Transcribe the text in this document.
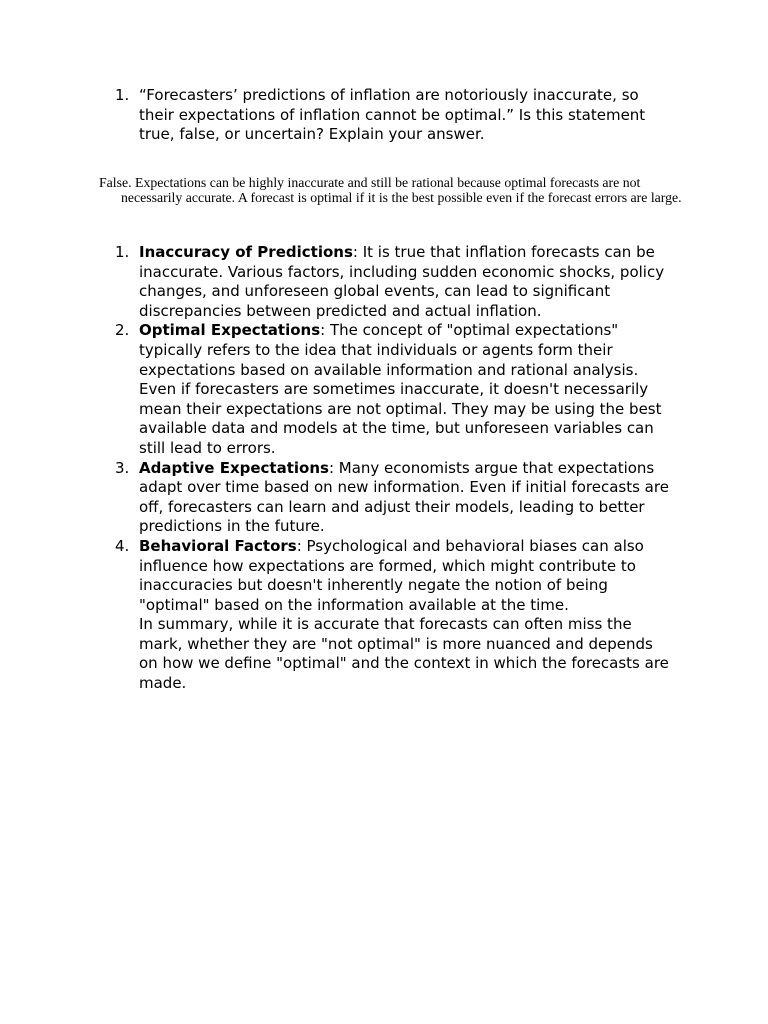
1. “Forecasters’ predictions of inflation are notoriously inaccurate, so their expectations of inflation cannot be optimal.” Is this statement true, false, or uncertain? Explain your answer.
False. Expectations can be highly inaccurate and still be rational because optimal forecasts are not necessarily accurate. A forecast is optimal if it is the best possible even if the forecast errors are large.
1. Inaccuracy of Predictions: It is true that inflation forecasts can be inaccurate. Various factors, including sudden economic shocks, policy changes, and unforeseen global events, can lead to significant discrepancies between predicted and actual inflation.
2. Optimal Expectations: The concept of "optimal expectations" typically refers to the idea that individuals or agents form their expectations based on available information and rational analysis. Even if forecasters are sometimes inaccurate, it doesn't necessarily mean their expectations are not optimal. They may be using the best available data and models at the time, but unforeseen variables can still lead to errors.
3. Adaptive Expectations: Many economists argue that expectations adapt over time based on new information. Even if initial forecasts are off, forecasters can learn and adjust their models, leading to better predictions in the future.
4. Behavioral Factors: Psychological and behavioral biases can also influence how expectations are formed, which might contribute to inaccuracies but doesn't inherently negate the notion of being "optimal" based on the information available at the time.
In summary, while it is accurate that forecasts can often miss the mark, whether they are "not optimal" is more nuanced and depends on how we define "optimal" and the context in which the forecasts are made.
